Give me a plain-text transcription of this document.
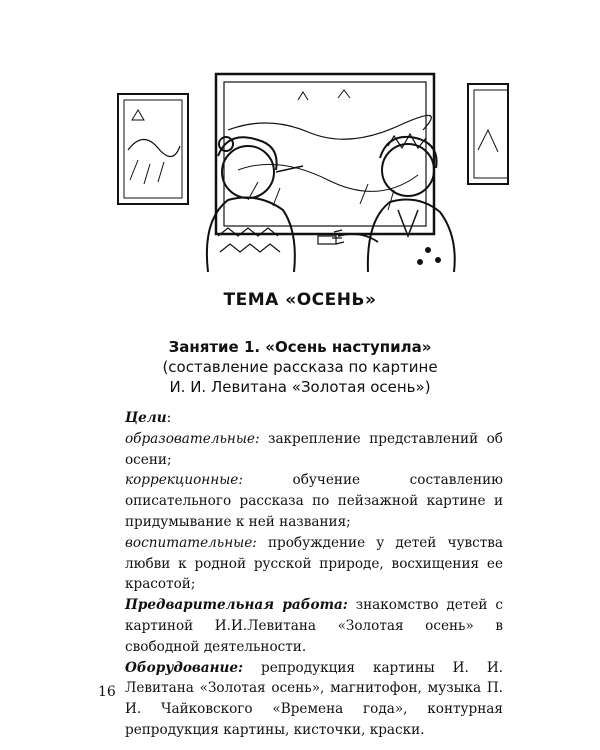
ТЕМА «ОСЕНЬ»
Занятие 1. «Осень наступила»
(составление рассказа по картине
И. И. Левитана «Золотая осень»)

Цели:

образовательные: закрепление представлений об осени;

коррекционные: обучение составлению описательного рассказа по пейзажной картине и придумывание к ней названия;

воспитательные: пробуждение у детей чувства любви к родной русской природе, восхищения ее красотой;

Предварительная работа: знакомство детей с картиной И.И.Левитана «Золотая осень» в свободной деятельности.

Оборудование: репродукция картины И. И. Левитана «Золотая осень», магнитофон, музыка П. И. Чайковского «Времена года», контурная репродукция картины, кисточки, краски.

16
